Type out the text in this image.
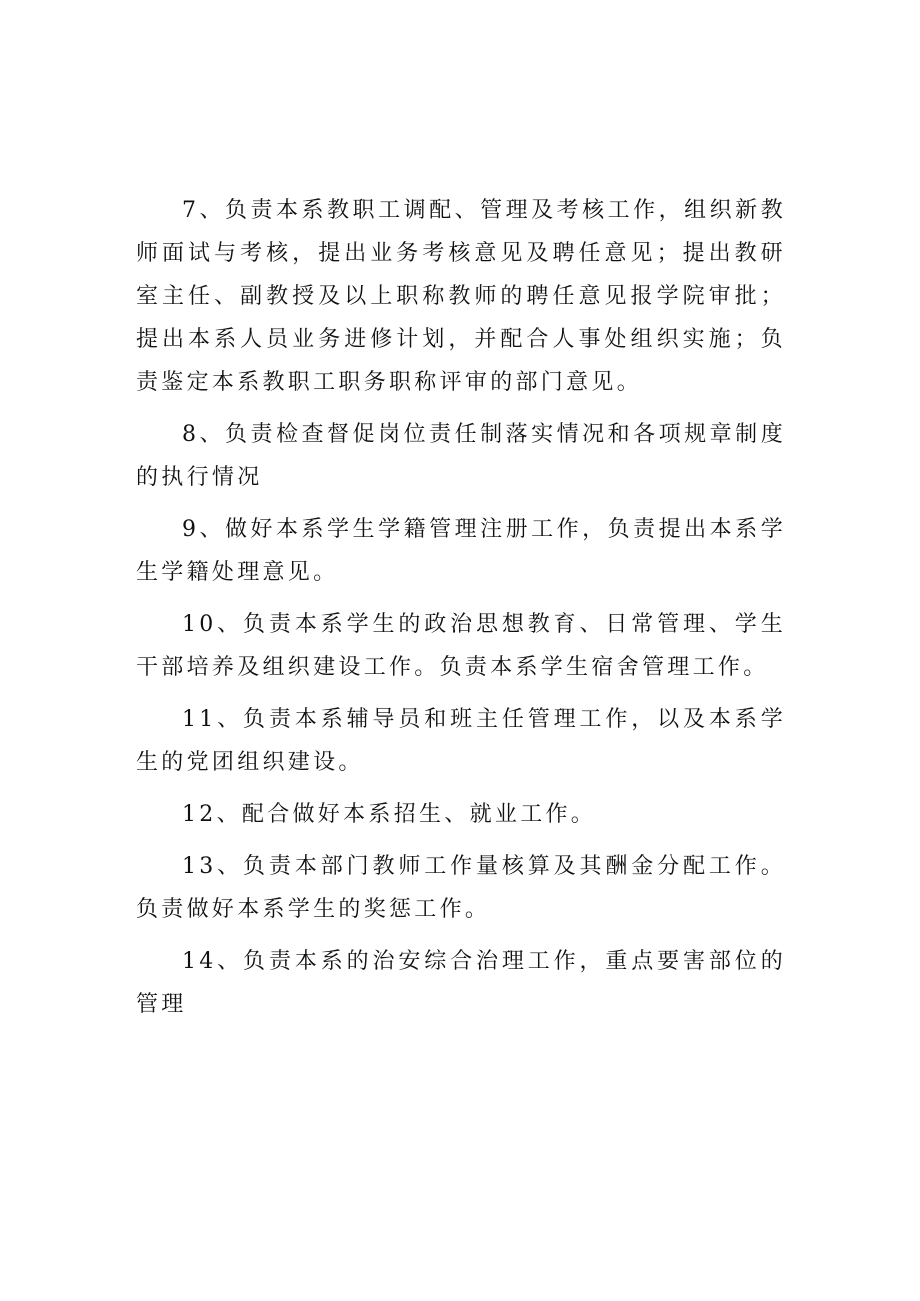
7、负责本系教职工调配、管理及考核工作，组织新教师面试与考核，提出业务考核意见及聘任意见；提出教研室主任、副教授及以上职称教师的聘任意见报学院审批；提出本系人员业务进修计划，并配合人事处组织实施；负责鉴定本系教职工职务职称评审的部门意见。

8、负责检查督促岗位责任制落实情况和各项规章制度的执行情况

9、做好本系学生学籍管理注册工作，负责提出本系学生学籍处理意见。

10、负责本系学生的政治思想教育、日常管理、学生干部培养及组织建设工作。负责本系学生宿舍管理工作。

11、负责本系辅导员和班主任管理工作，以及本系学生的党团组织建设。

12、配合做好本系招生、就业工作。

13、负责本部门教师工作量核算及其酬金分配工作。负责做好本系学生的奖惩工作。

14、负责本系的治安综合治理工作，重点要害部位的管理
